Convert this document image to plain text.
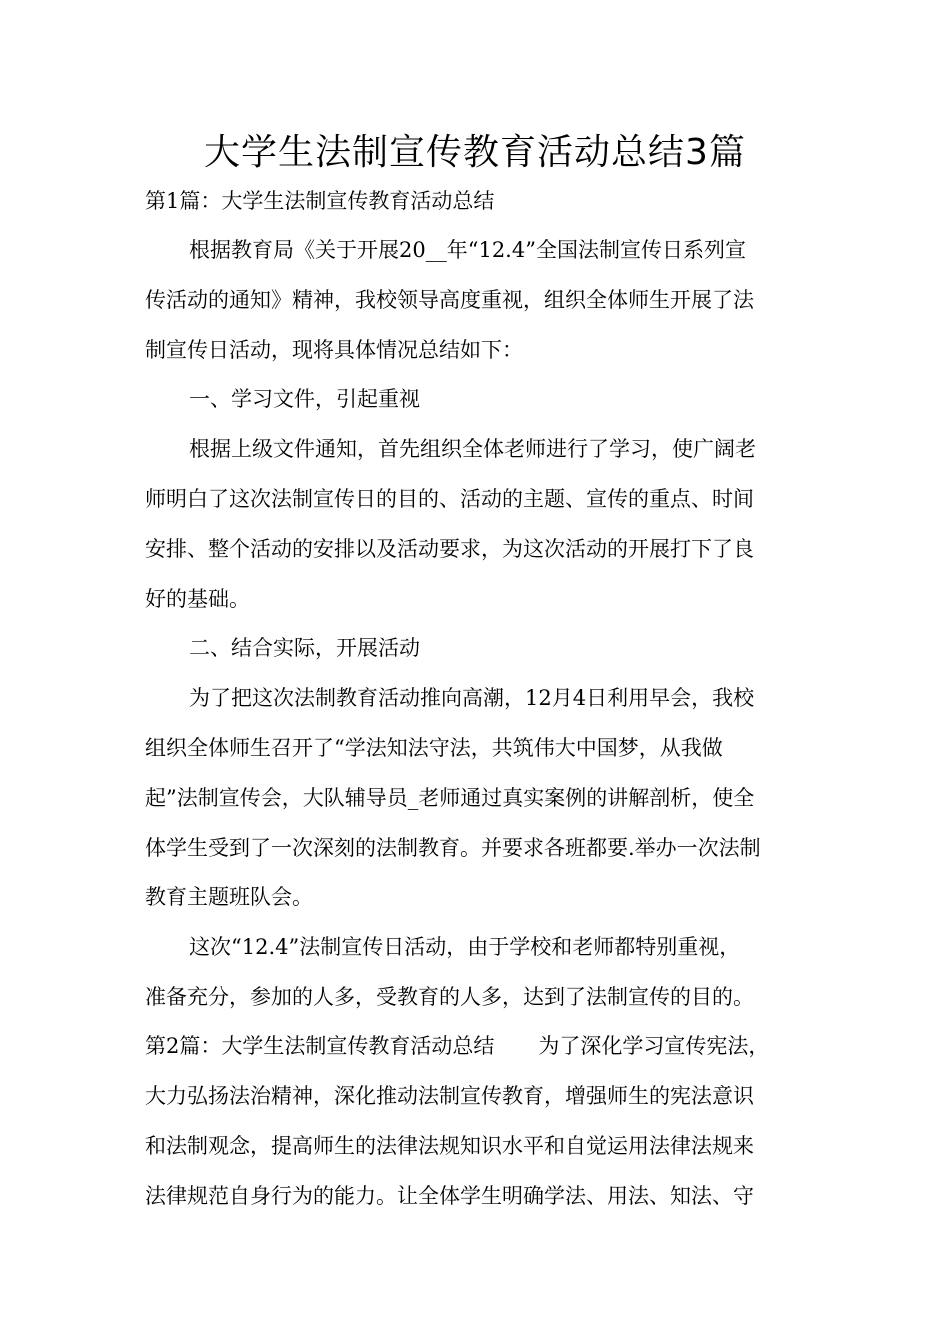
大学生法制宣传教育活动总结3篇

第1篇：大学生法制宣传教育活动总结

根据教育局《关于开展20__年“12.4”全国法制宣传日系列宣

传活动的通知》精神，我校领导高度重视，组织全体师生开展了法

制宣传日活动，现将具体情况总结如下：

一、学习文件，引起重视

根据上级文件通知，首先组织全体老师进行了学习，使广阔老

师明白了这次法制宣传日的目的、活动的主题、宣传的重点、时间

安排、整个活动的安排以及活动要求，为这次活动的开展打下了良

好的基础。

二、结合实际，开展活动

为了把这次法制教育活动推向高潮，12月4日利用早会，我校

组织全体师生召开了“学法知法守法，共筑伟大中国梦，从我做

起”法制宣传会，大队辅导员_老师通过真实案例的讲解剖析，使全

体学生受到了一次深刻的法制教育。并要求各班都要.举办一次法制

教育主题班队会。

这次“12.4”法制宣传日活动，由于学校和老师都特别重视，

准备充分，参加的人多，受教育的人多，达到了法制宣传的目的。

第2篇：大学生法制宣传教育活动总结 为了深化学习宣传宪法，

大力弘扬法治精神，深化推动法制宣传教育，增强师生的宪法意识

和法制观念，提高师生的法律法规知识水平和自觉运用法律法规来

法律规范自身行为的能力。让全体学生明确学法、用法、知法、守
